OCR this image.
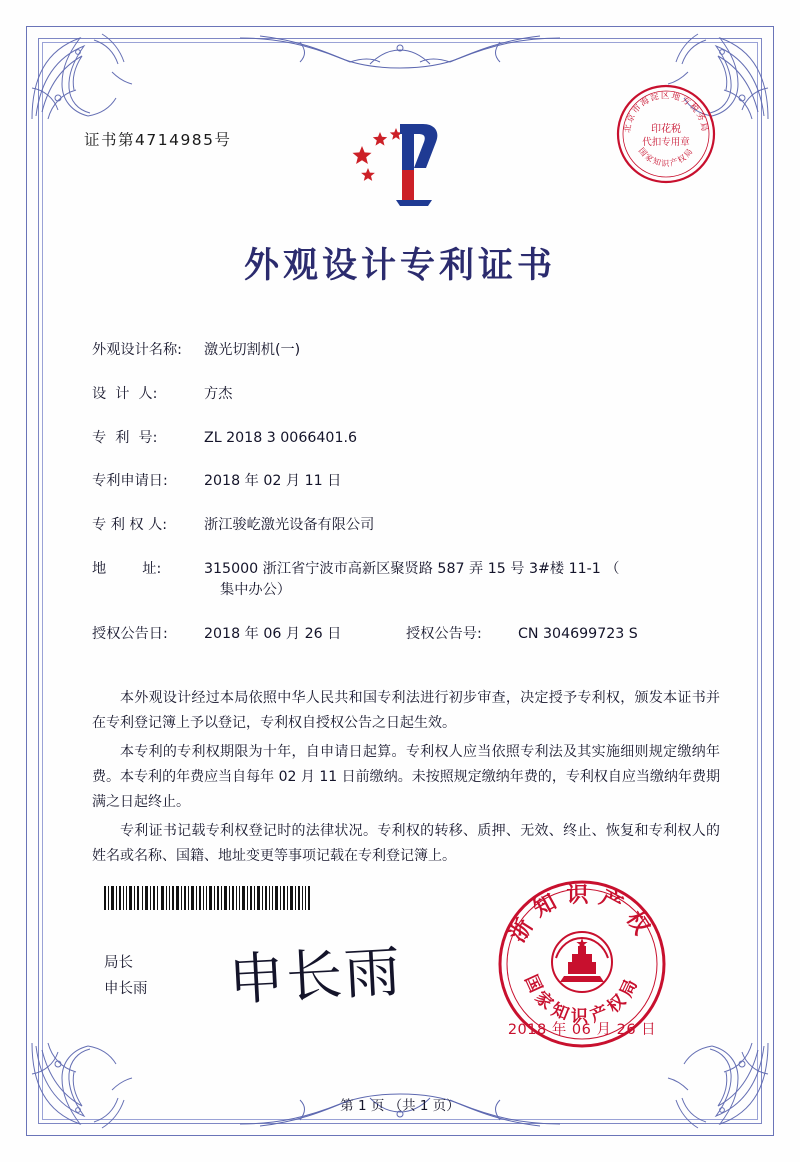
证书第4714985号
北京市海淀区地方税务局
国家知识产权局
印花税
代扣专用章
外观设计专利证书
外观设计名称:	激光切割机(一)
设  计  人:	方杰
专  利  号:	ZL 2018 3 0066401.6
专利申请日:	2018 年 02 月 11 日
专 利 权 人:	浙江骏屹激光设备有限公司
地        址:	315000 浙江省宁波市高新区聚贤路 587 弄 15 号 3#楼 11-1 （
集中办公）
授权公告日:	2018 年 06 月 26 日	授权公告号:	CN 304699723 S

本外观设计经过本局依照中华人民共和国专利法进行初步审查，决定授予专利权，颁发本证书并在专利登记簿上予以登记，专利权自授权公告之日起生效。

本专利的专利权期限为十年，自申请日起算。专利权人应当依照专利法及其实施细则规定缴纳年费。本专利的年费应当自每年 02 月 11 日前缴纳。未按照规定缴纳年费的，专利权自应当缴纳年费期满之日起终止。

专利证书记载专利权登记时的法律状况。专利权的转移、质押、无效、终止、恢复和专利权人的姓名或名称、国籍、地址变更等事项记载在专利登记簿上。

局长
申长雨 申长雨
浙知识产权
国家知识产权局
2018 年 06 月 26 日
第 1 页 （共 1 页）
